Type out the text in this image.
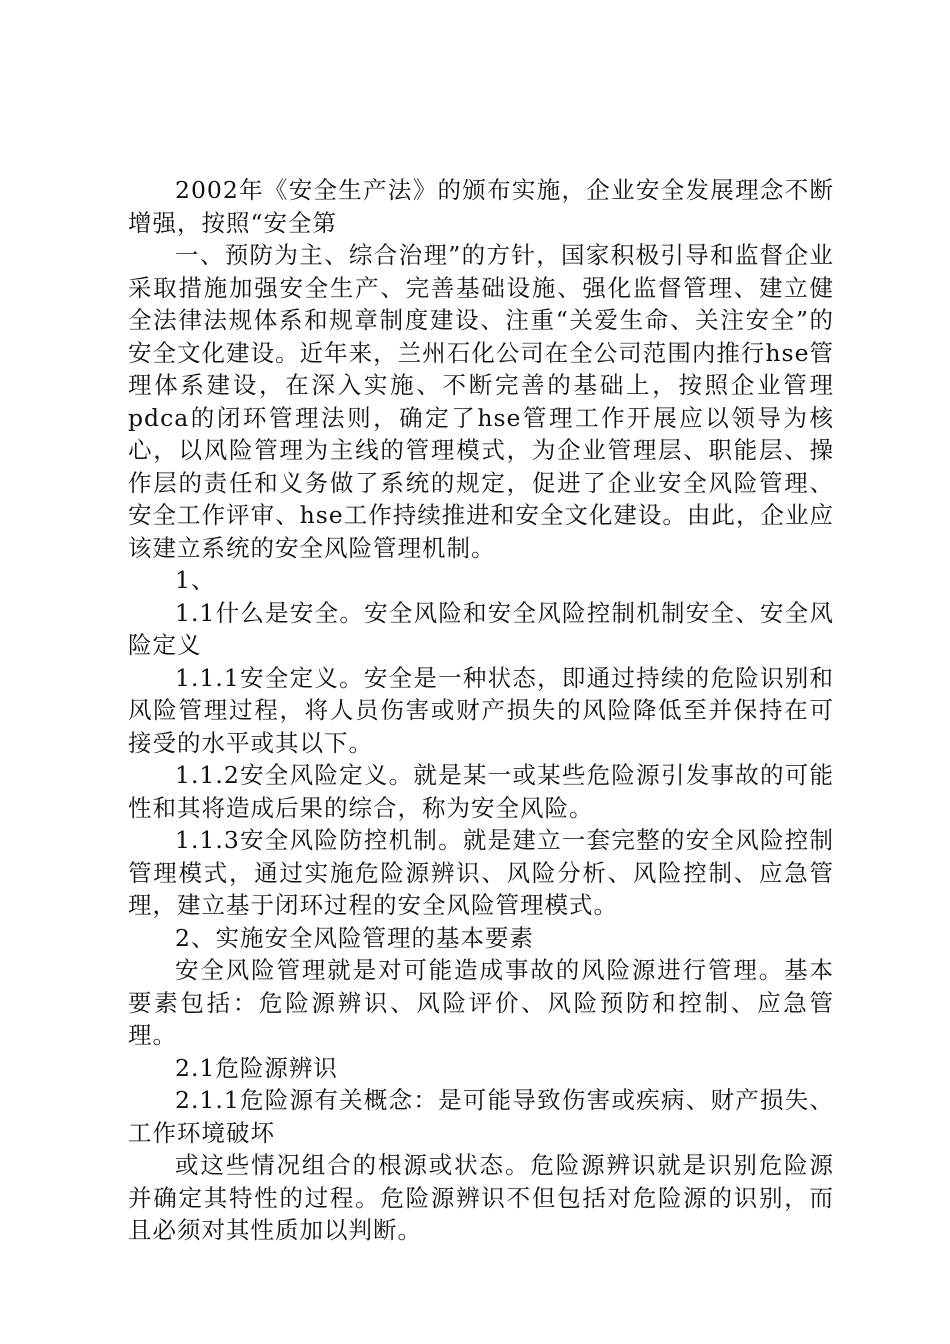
2002年《安全生产法》的颁布实施，企业安全发展理念不断增强，按照“安全第

一、预防为主、综合治理”的方针，国家积极引导和监督企业采取措施加强安全生产、完善基础设施、强化监督管理、建立健全法律法规体系和规章制度建设、注重“关爱生命、关注安全”的安全文化建设。近年来，兰州石化公司在全公司范围内推行hse管理体系建设，在深入实施、不断完善的基础上，按照企业管理pdca的闭环管理法则，确定了hse管理工作开展应以领导为核心，以风险管理为主线的管理模式，为企业管理层、职能层、操作层的责任和义务做了系统的规定，促进了企业安全风险管理、安全工作评审、hse工作持续推进和安全文化建设。由此，企业应该建立系统的安全风险管理机制。

1、

1.1什么是安全。安全风险和安全风险控制机制安全、安全风险定义

1.1.1安全定义。安全是一种状态，即通过持续的危险识别和风险管理过程，将人员伤害或财产损失的风险降低至并保持在可接受的水平或其以下。

1.1.2安全风险定义。就是某一或某些危险源引发事故的可能性和其将造成后果的综合，称为安全风险。

1.1.3安全风险防控机制。就是建立一套完整的安全风险控制管理模式，通过实施危险源辨识、风险分析、风险控制、应急管理，建立基于闭环过程的安全风险管理模式。

2、实施安全风险管理的基本要素

安全风险管理就是对可能造成事故的风险源进行管理。基本要素包括：危险源辨识、风险评价、风险预防和控制、应急管理。

2.1危险源辨识

2.1.1危险源有关概念：是可能导致伤害或疾病、财产损失、工作环境破坏

或这些情况组合的根源或状态。危险源辨识就是识别危险源并确定其特性的过程。危险源辨识不但包括对危险源的识别，而且必须对其性质加以判断。
